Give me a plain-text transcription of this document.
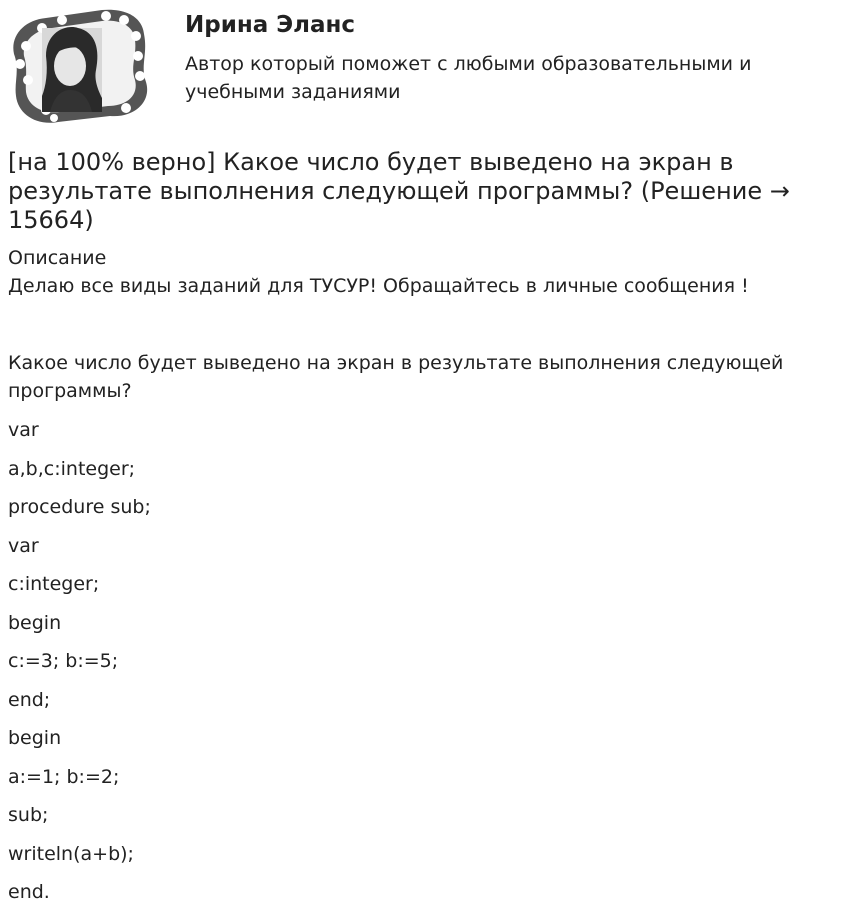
Ирина Эланс
Автор который поможет с любыми образовательными и учебными заданиями
[на 100% верно] Какое число будет выведено на экран в результате выполнения следующей программы? (Решение → 15664)
Описание
Делаю все виды заданий для ТУСУР! Обращайтесь в личные сообщения !
Какое число будет выведено на экран в результате выполнения следующей программы?
var
a,b,c:integer;
procedure sub;
var
c:integer;
begin
c:=3; b:=5;
end;
begin
a:=1; b:=2;
sub;
writeln(a+b);
end.
